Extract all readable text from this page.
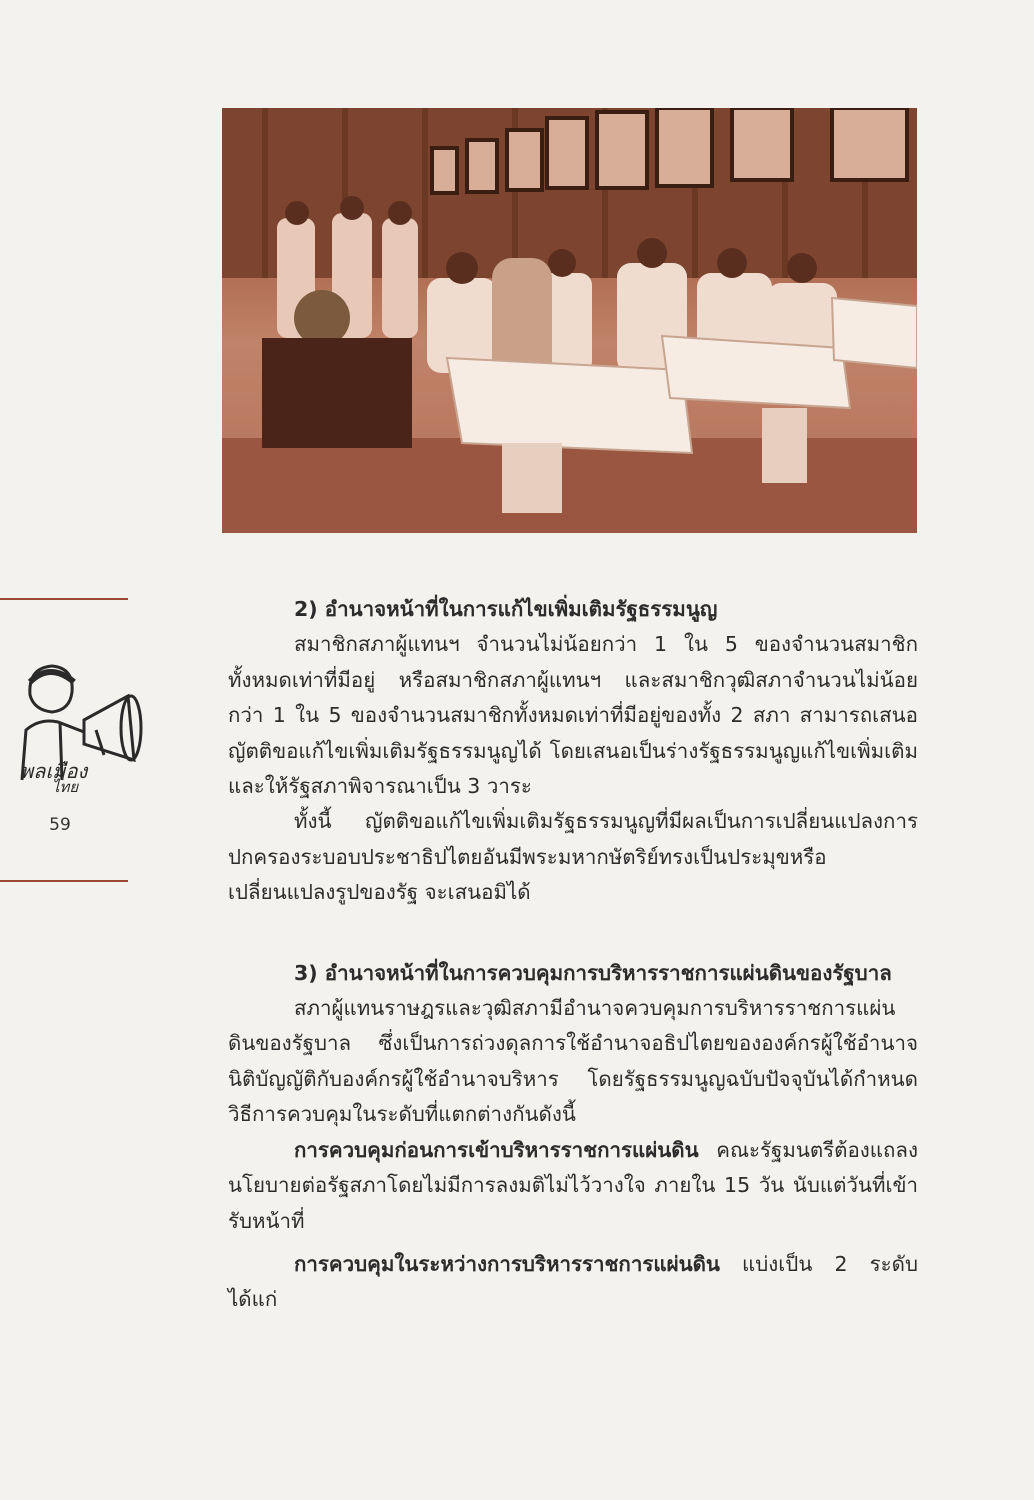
พลเมือง
ไทย
59

2) อำนาจหน้าที่ในการแก้ไขเพิ่มเติมรัฐธรรมนูญ

สมาชิกสภาผู้แทนฯ จำนวนไม่น้อยกว่า 1 ใน 5 ของจำนวนสมาชิกทั้งหมดเท่าที่มีอยู่ หรือสมาชิกสภาผู้แทนฯ และสมาชิกวุฒิสภาจำนวนไม่น้อยกว่า 1 ใน 5 ของจำนวนสมาชิกทั้งหมดเท่าที่มีอยู่ของทั้ง 2 สภา สามารถเสนอญัตติขอแก้ไขเพิ่มเติมรัฐธรรมนูญได้ โดยเสนอเป็นร่างรัฐธรรมนูญแก้ไขเพิ่มเติมและให้รัฐสภาพิจารณาเป็น 3 วาระ

ทั้งนี้ ญัตติขอแก้ไขเพิ่มเติมรัฐธรรมนูญที่มีผลเป็นการเปลี่ยนแปลงการปกครองระบอบประชาธิปไตยอันมีพระมหากษัตริย์ทรงเป็นประมุขหรือเปลี่ยนแปลงรูปของรัฐ จะเสนอมิได้

3) อำนาจหน้าที่ในการควบคุมการบริหารราชการแผ่นดินของรัฐบาล

สภาผู้แทนราษฎรและวุฒิสภามีอำนาจควบคุมการบริหารราชการแผ่นดินของรัฐบาล ซึ่งเป็นการถ่วงดุลการใช้อำนาจอธิปไตยขององค์กรผู้ใช้อำนาจนิติบัญญัติกับองค์กรผู้ใช้อำนาจบริหาร โดยรัฐธรรมนูญฉบับปัจจุบันได้กำหนดวิธีการควบคุมในระดับที่แตกต่างกันดังนี้

การควบคุมก่อนการเข้าบริหารราชการแผ่นดิน คณะรัฐมนตรีต้องแถลงนโยบายต่อรัฐสภาโดยไม่มีการลงมติไม่ไว้วางใจ ภายใน 15 วัน นับแต่วันที่เข้ารับหน้าที่

การควบคุมในระหว่างการบริหารราชการแผ่นดิน แบ่งเป็น 2 ระดับ ได้แก่
